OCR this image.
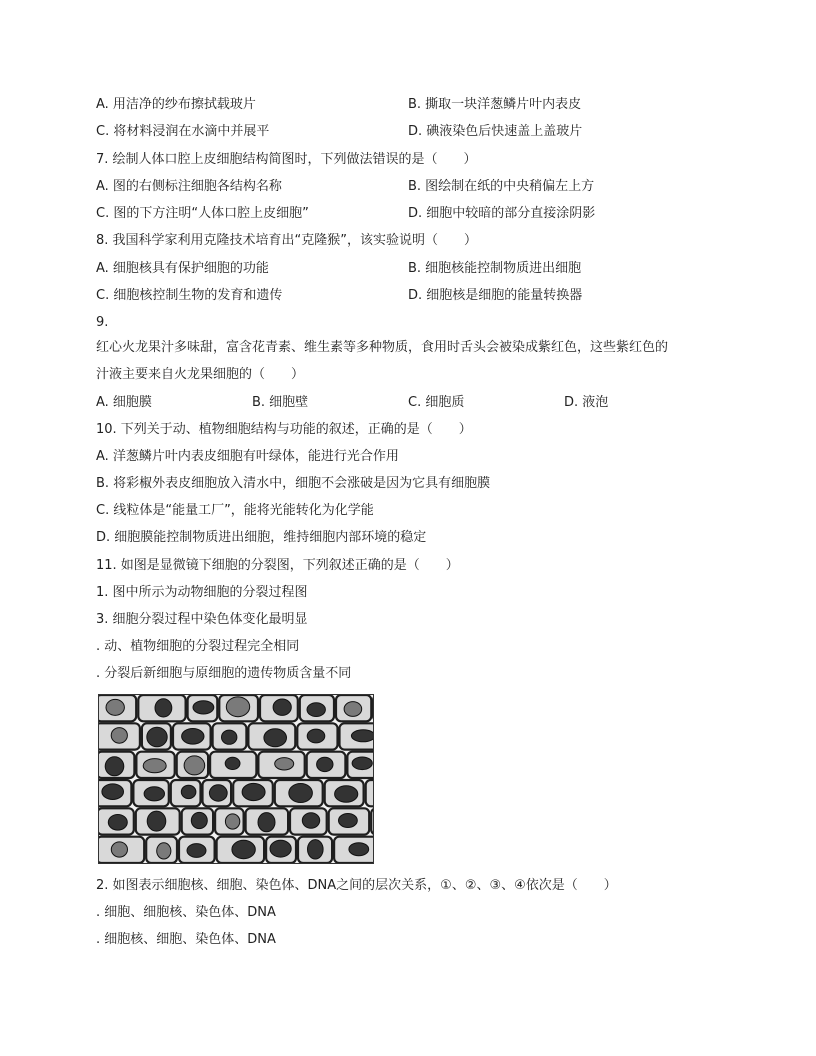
A. 用洁净的纱布擦拭载玻片	B. 撕取一块洋葱鳞片叶内表皮
C. 将材料浸润在水滴中并展平	D. 碘液染色后快速盖上盖玻片
7. 绘制人体口腔上皮细胞结构简图时，下列做法错误的是（　　）
A. 图的右侧标注细胞各结构名称	B. 图绘制在纸的中央稍偏左上方
C. 图的下方注明“人体口腔上皮细胞”	D. 细胞中较暗的部分直接涂阴影
8. 我国科学家利用克隆技术培育出“克隆猴”，该实验说明（　　）
A. 细胞核具有保护细胞的功能	B. 细胞核能控制物质进出细胞
C. 细胞核控制生物的发育和遗传	D. 细胞核是细胞的能量转换器
9.
红心火龙果汁多味甜，富含花青素、维生素等多种物质，食用时舌头会被染成紫红色，这些紫红色的
汁液主要来自火龙果细胞的（　　）
A. 细胞膜	B. 细胞壁	C. 细胞质	D. 液泡
10. 下列关于动、植物细胞结构与功能的叙述，正确的是（　　）
A. 洋葱鳞片叶内表皮细胞有叶绿体，能进行光合作用
B. 将彩椒外表皮细胞放入清水中，细胞不会涨破是因为它具有细胞膜
C. 线粒体是“能量工厂”，能将光能转化为化学能
D. 细胞膜能控制物质进出细胞，维持细胞内部环境的稳定
11. 如图是显微镜下细胞的分裂图，下列叙述正确的是（　　）
1. 图中所示为动物细胞的分裂过程图
3. 细胞分裂过程中染色体变化最明显
. 动、植物细胞的分裂过程完全相同
. 分裂后新细胞与原细胞的遗传物质含量不同
2. 如图表示细胞核、细胞、染色体、DNA之间的层次关系，①、②、③、④依次是（　　）
. 细胞、细胞核、染色体、DNA
. 细胞核、细胞、染色体、DNA
